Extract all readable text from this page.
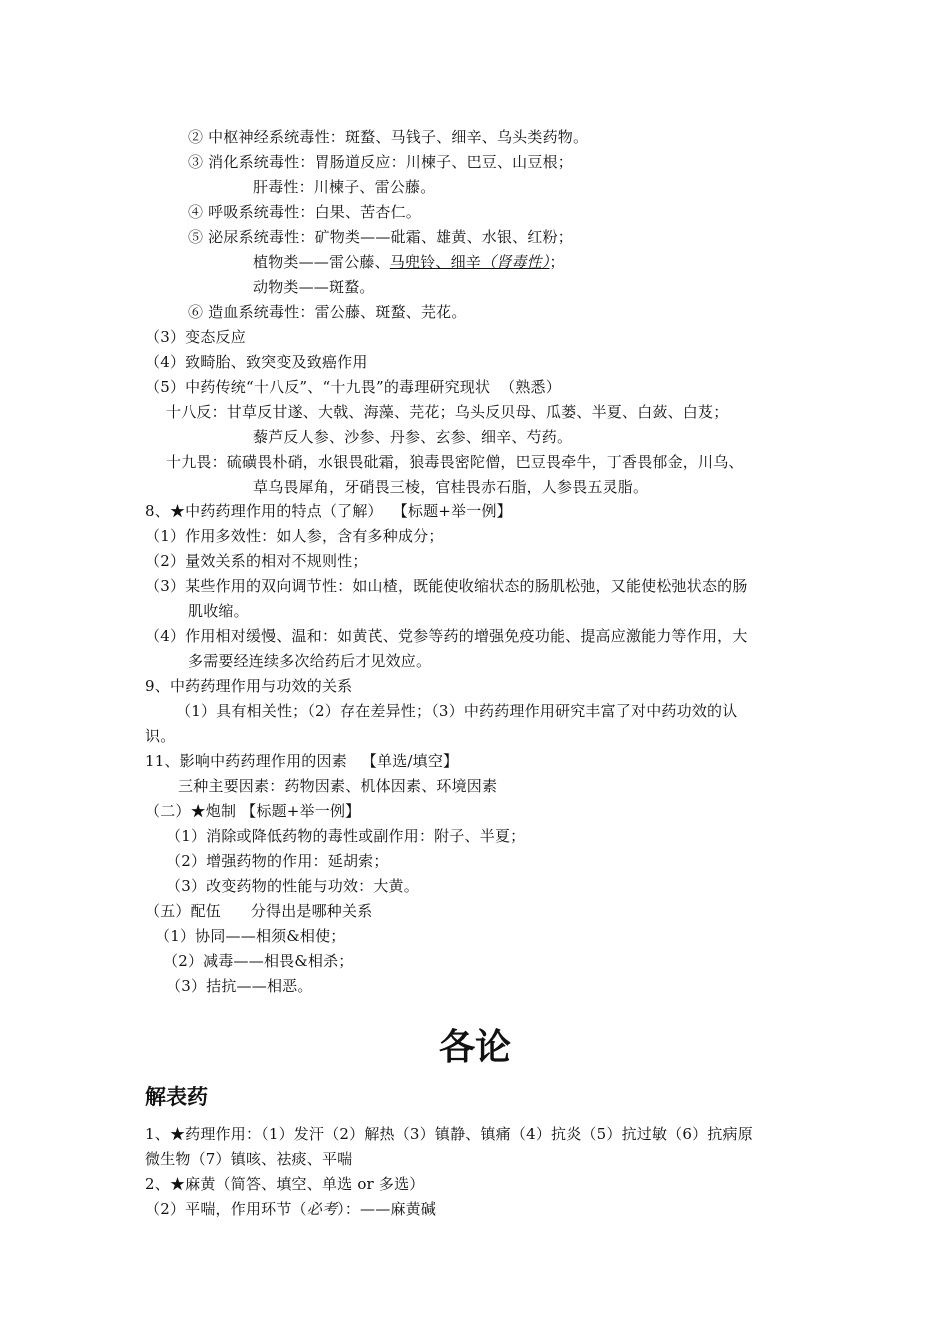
② 中枢神经系统毒性：斑蝥、马钱子、细辛、乌头类药物。
③ 消化系统毒性：胃肠道反应：川楝子、巴豆、山豆根；
肝毒性：川楝子、雷公藤。
④ 呼吸系统毒性：白果、苦杏仁。
⑤ 泌尿系统毒性：矿物类——砒霜、雄黄、水银、红粉；
植物类——雷公藤、马兜铃、细辛（肾毒性）；
动物类——斑蝥。
⑥ 造血系统毒性：雷公藤、斑蝥、芫花。
（3）变态反应
（4）致畸胎、致突变及致癌作用
（5）中药传统“十八反”、“十九畏”的毒理研究现状  （熟悉）
十八反：甘草反甘遂、大戟、海藻、芫花；乌头反贝母、瓜蒌、半夏、白蔹、白芨；
藜芦反人参、沙参、丹参、玄参、细辛、芍药。
十九畏：硫磺畏朴硝，水银畏砒霜，狼毒畏密陀僧，巴豆畏牵牛，丁香畏郁金，川乌、
草乌畏犀角，牙硝畏三棱，官桂畏赤石脂，人参畏五灵脂。
8、★中药药理作用的特点（了解）  【标题+举一例】
（1）作用多效性：如人参，含有多种成分；
（2）量效关系的相对不规则性；
（3）某些作用的双向调节性：如山楂，既能使收缩状态的肠肌松弛，又能使松弛状态的肠
肌收缩。
（4）作用相对缓慢、温和：如黄芪、党参等药的增强免疫功能、提高应激能力等作用，大
多需要经连续多次给药后才见效应。
9、中药药理作用与功效的关系
（1）具有相关性；（2）存在差异性；（3）中药药理作用研究丰富了对中药功效的认
识。
11、影响中药药理作用的因素   【单选/填空】
三种主要因素：药物因素、机体因素、环境因素
（二）★炮制 【标题+举一例】
（1）消除或降低药物的毒性或副作用：附子、半夏；
（2）增强药物的作用：延胡索；
（3）改变药物的性能与功效：大黄。
（五）配伍      分得出是哪种关系
（1）协同——相须&相使；
（2）减毒——相畏&相杀；
（3）拮抗——相恶。
各论
解表药
1、★药理作用：（1）发汗（2）解热（3）镇静、镇痛（4）抗炎（5）抗过敏（6）抗病原
微生物（7）镇咳、祛痰、平喘
2、★麻黄（简答、填空、单选 or 多选）
（2）平喘，作用环节（必考）：——麻黄碱
